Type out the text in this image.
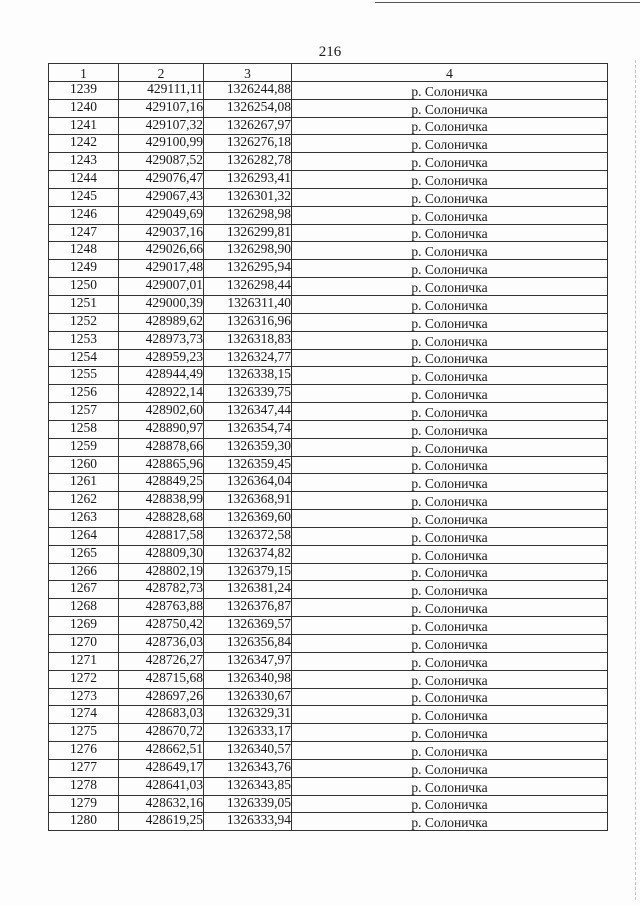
216
1	2	3	4
1239	429111,11	1326244,88	р. Солоничка
1240	429107,16	1326254,08	р. Солоничка
1241	429107,32	1326267,97	р. Солоничка
1242	429100,99	1326276,18	р. Солоничка
1243	429087,52	1326282,78	р. Солоничка
1244	429076,47	1326293,41	р. Солоничка
1245	429067,43	1326301,32	р. Солоничка
1246	429049,69	1326298,98	р. Солоничка
1247	429037,16	1326299,81	р. Солоничка
1248	429026,66	1326298,90	р. Солоничка
1249	429017,48	1326295,94	р. Солоничка
1250	429007,01	1326298,44	р. Солоничка
1251	429000,39	1326311,40	р. Солоничка
1252	428989,62	1326316,96	р. Солоничка
1253	428973,73	1326318,83	р. Солоничка
1254	428959,23	1326324,77	р. Солоничка
1255	428944,49	1326338,15	р. Солоничка
1256	428922,14	1326339,75	р. Солоничка
1257	428902,60	1326347,44	р. Солоничка
1258	428890,97	1326354,74	р. Солоничка
1259	428878,66	1326359,30	р. Солоничка
1260	428865,96	1326359,45	р. Солоничка
1261	428849,25	1326364,04	р. Солоничка
1262	428838,99	1326368,91	р. Солоничка
1263	428828,68	1326369,60	р. Солоничка
1264	428817,58	1326372,58	р. Солоничка
1265	428809,30	1326374,82	р. Солоничка
1266	428802,19	1326379,15	р. Солоничка
1267	428782,73	1326381,24	р. Солоничка
1268	428763,88	1326376,87	р. Солоничка
1269	428750,42	1326369,57	р. Солоничка
1270	428736,03	1326356,84	р. Солоничка
1271	428726,27	1326347,97	р. Солоничка
1272	428715,68	1326340,98	р. Солоничка
1273	428697,26	1326330,67	р. Солоничка
1274	428683,03	1326329,31	р. Солоничка
1275	428670,72	1326333,17	р. Солоничка
1276	428662,51	1326340,57	р. Солоничка
1277	428649,17	1326343,76	р. Солоничка
1278	428641,03	1326343,85	р. Солоничка
1279	428632,16	1326339,05	р. Солоничка
1280	428619,25	1326333,94	р. Солоничка
